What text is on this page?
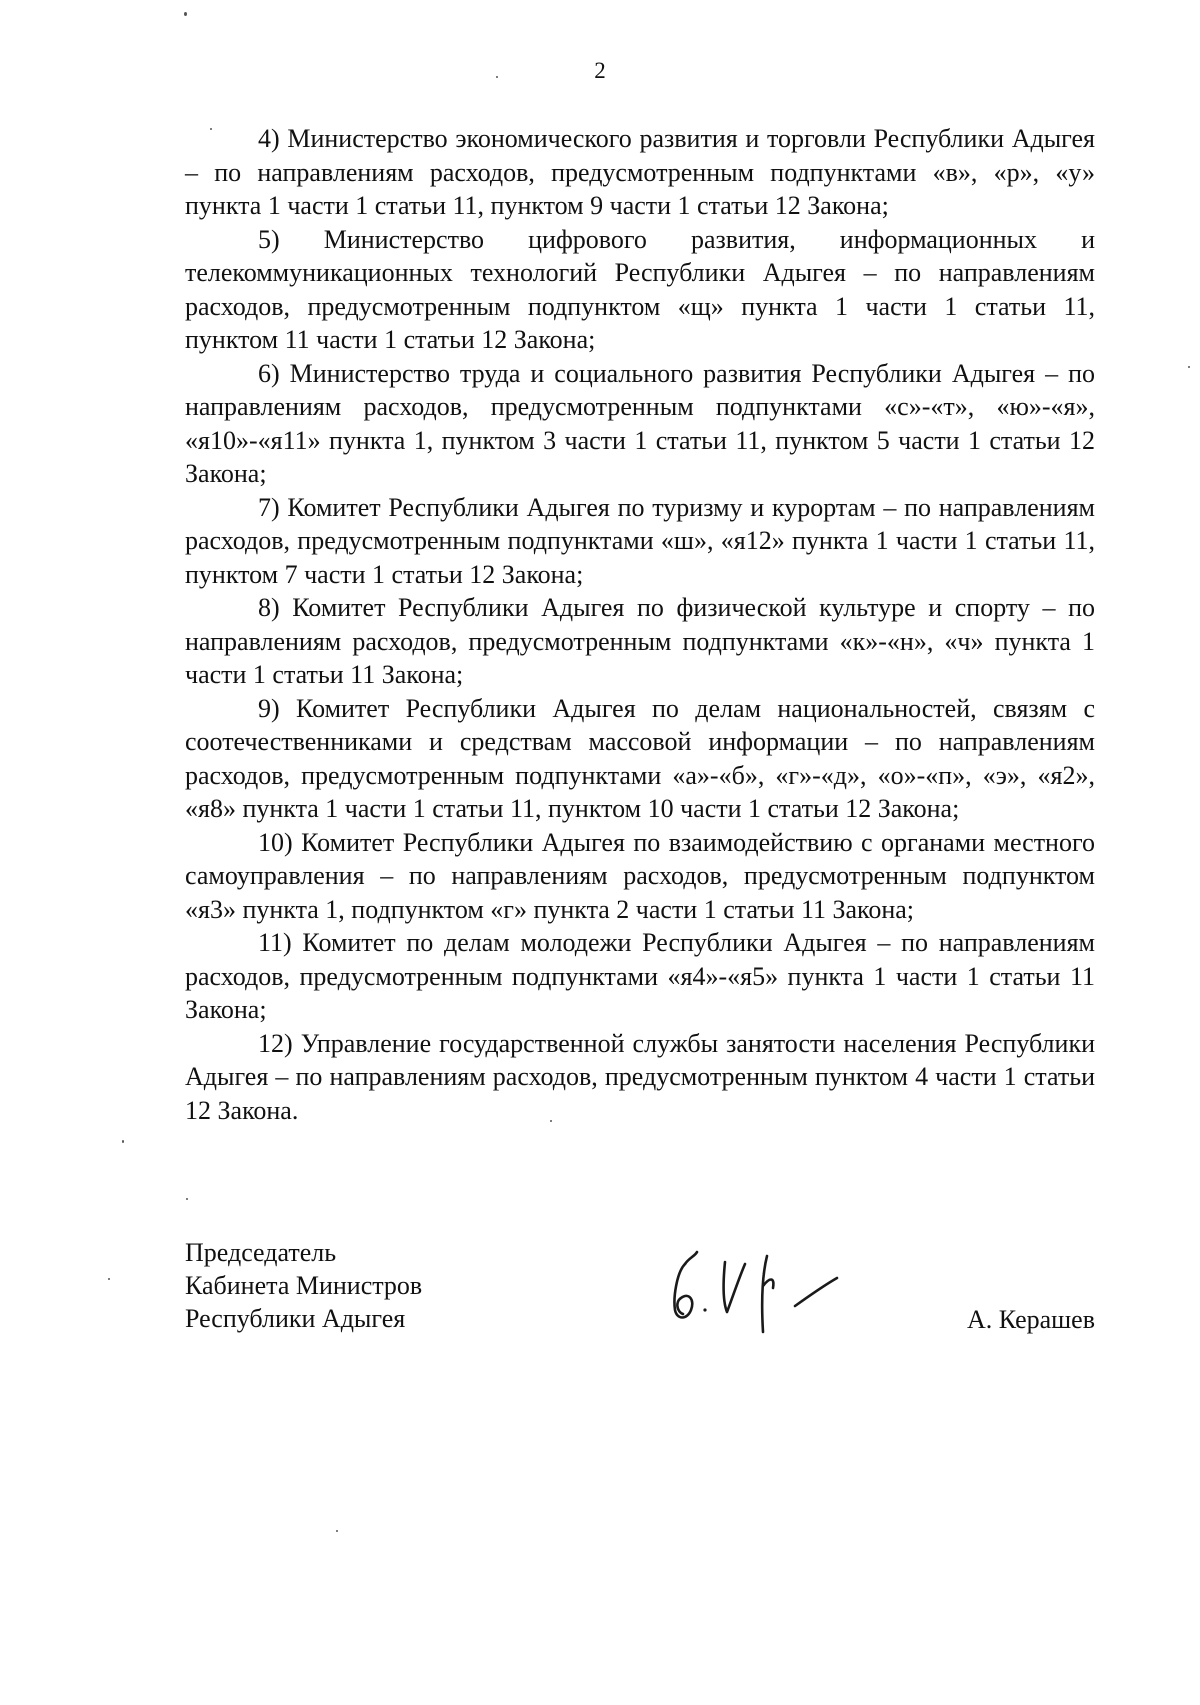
2

4) Министерство экономического развития и торговли Республики Адыгея – по направлениям расходов, предусмотренным подпунктами «в», «р», «у» пункта 1 части 1 статьи 11, пунктом 9 части 1 статьи 12 Закона;

5) Министерство цифрового развития, информационных и телекоммуникационных технологий Республики Адыгея – по направлениям расходов, предусмотренным подпунктом «щ» пункта 1 части 1 статьи 11, пунктом 11 части 1 статьи 12 Закона;

6) Министерство труда и социального развития Республики Адыгея – по направлениям расходов, предусмотренным подпунктами «с»-«т», «ю»-«я», «я10»-«я11» пункта 1, пунктом 3 части 1 статьи 11, пунктом 5 части 1 статьи 12 Закона;

7) Комитет Республики Адыгея по туризму и курортам – по направлениям расходов, предусмотренным подпунктами «ш», «я12» пункта 1 части 1 статьи 11, пунктом 7 части 1 статьи 12 Закона;

8) Комитет Республики Адыгея по физической культуре и спорту – по направлениям расходов, предусмотренным подпунктами «к»-«н», «ч» пункта 1 части 1 статьи 11 Закона;

9) Комитет Республики Адыгея по делам национальностей, связям с соотечественниками и средствам массовой информации – по направлениям расходов, предусмотренным подпунктами «а»-«б», «г»-«д», «о»-«п», «э», «я2», «я8» пункта 1 части 1 статьи 11, пунктом 10 части 1 статьи 12 Закона;

10) Комитет Республики Адыгея по взаимодействию с органами местного самоуправления – по направлениям расходов, предусмотренным подпунктом «я3» пункта 1, подпунктом «г» пункта 2 части 1 статьи 11 Закона;

11) Комитет по делам молодежи Республики Адыгея – по направлениям расходов, предусмотренным подпунктами «я4»-«я5» пункта 1 части 1 статьи 11 Закона;

12) Управление государственной службы занятости населения Республики Адыгея – по направлениям расходов, предусмотренным пунктом 4 части 1 статьи 12 Закона.

Председатель
Кабинета Министров
Республики Адыгея	А. Керашев
